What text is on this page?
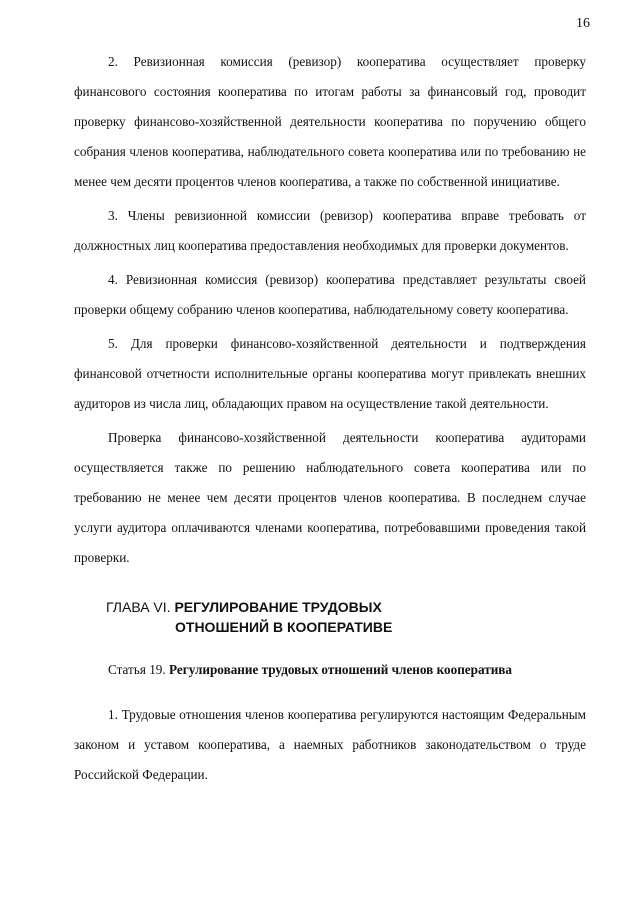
16

2. Ревизионная комиссия (ревизор) кооператива осуществляет проверку финансового состояния кооператива по итогам работы за финансовый год, проводит проверку финансово-хозяйственной деятельности кооператива по поручению общего собрания членов кооператива, наблюдательного совета кооператива или по требованию не менее чем десяти процентов членов кооператива, а также по собственной инициативе.

3. Члены ревизионной комиссии (ревизор) кооператива вправе требовать от должностных лиц кооператива предоставления необходимых для проверки документов.

4. Ревизионная комиссия (ревизор) кооператива представляет результаты своей проверки общему собранию членов кооператива, наблюдательному совету кооператива.

5. Для проверки финансово-хозяйственной деятельности и подтверждения финансовой отчетности исполнительные органы кооператива могут привлекать внешних аудиторов из числа лиц, обладающих правом на осуществление такой деятельности.

Проверка финансово-хозяйственной деятельности кооператива аудиторами осуществляется также по решению наблюдательного совета кооператива или по требованию не менее чем десяти процентов членов кооператива. В последнем случае услуги аудитора оплачиваются членами кооператива, потребовавшими проведения такой проверки.

ГЛАВА VI. РЕГУЛИРОВАНИЕ ТРУДОВЫХ
ОТНОШЕНИЙ В КООПЕРАТИВЕ
Статья 19. Регулирование трудовых отношений членов кооператива

1. Трудовые отношения членов кооператива регулируются настоящим Федеральным законом и уставом кооператива, а наемных работников законодательством о труде Российской Федерации.
